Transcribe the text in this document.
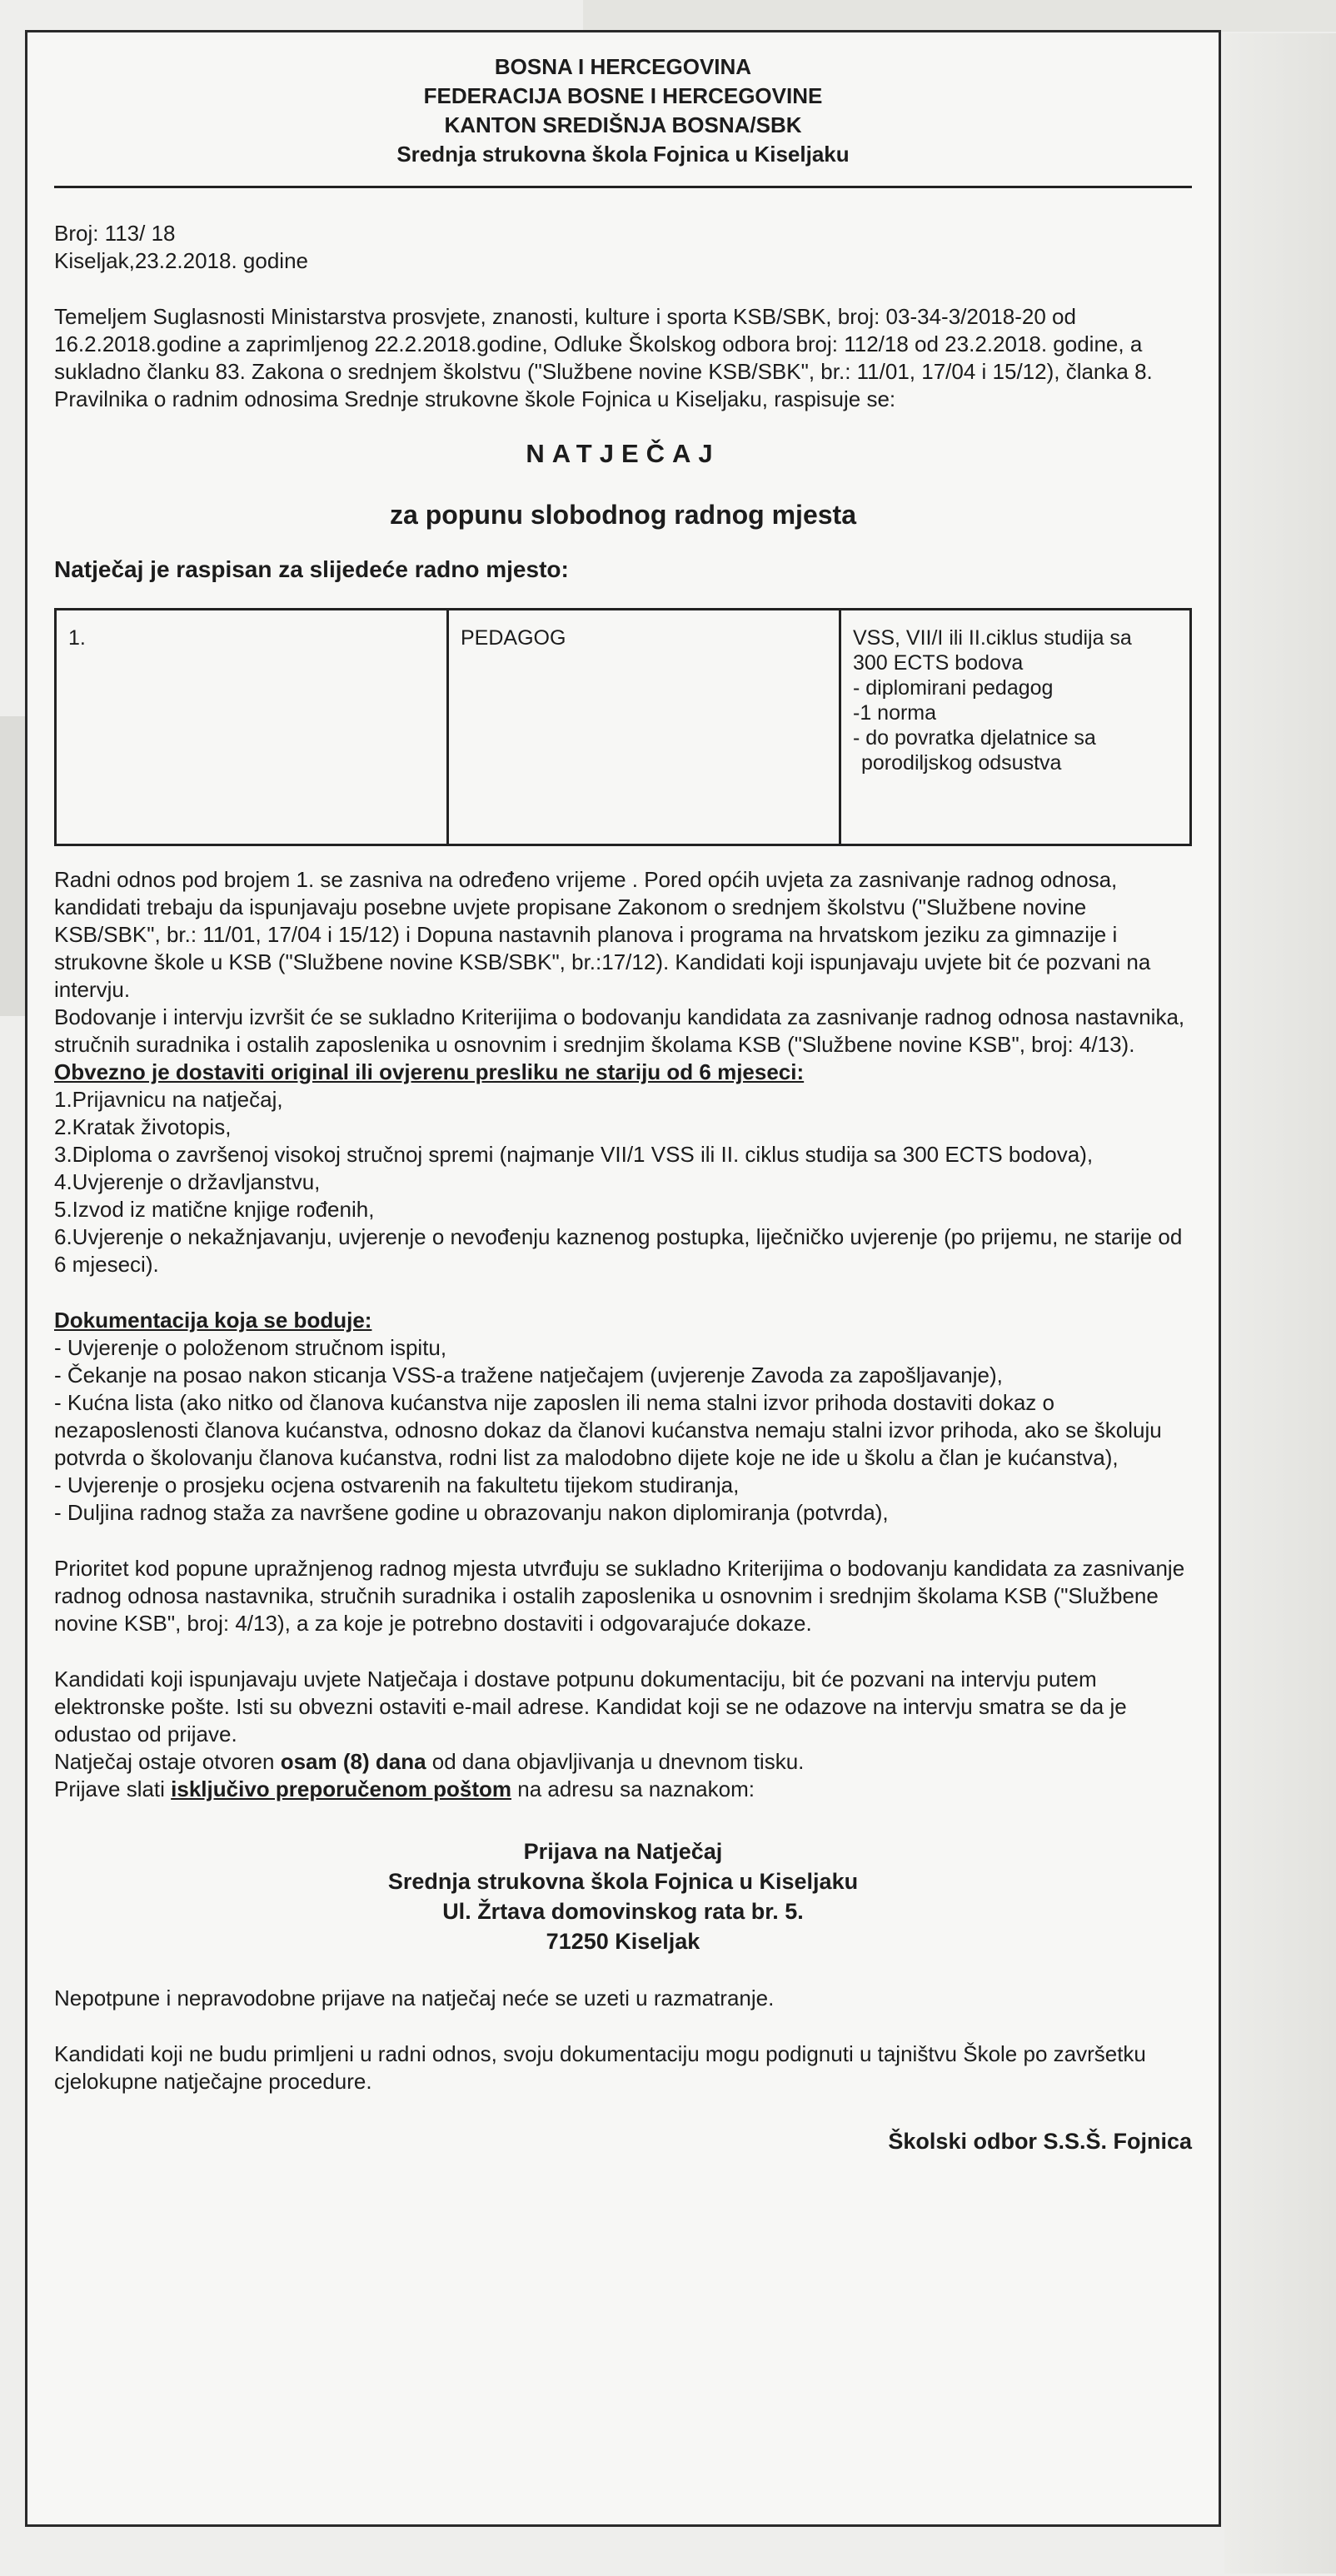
BOSNA I HERCEGOVINA
FEDERACIJA BOSNE I HERCEGOVINE
KANTON SREDIŠNJA BOSNA/SBK
Srednja strukovna škola Fojnica u Kiseljaku

Broj: 113/ 18

Kiseljak,23.2.2018. godine

Temeljem Suglasnosti Ministarstva prosvjete, znanosti, kulture i sporta KSB/SBK, broj: 03-34-3/2018-20 od 16.2.2018.godine a zaprimljenog 22.2.2018.godine, Odluke Školskog odbora broj: 112/18 od 23.2.2018. godine, a sukladno članku 83. Zakona o srednjem školstvu ("Službene novine KSB/SBK", br.: 11/01, 17/04 i 15/12), članka 8. Pravilnika o radnim odnosima Srednje strukovne škole Fojnica u Kiseljaku, raspisuje se:

NATJEČAJ
za popunu slobodnog radnog mjesta
Natječaj je raspisan za slijedeće radno mjesto:
1.	PEDAGOG	VSS, VII/I ili II.ciklus studija sa
300 ECTS bodova
- diplomirani pedagog
-1 norma
- do povratka djelatnice sa
porodiljskog odsustva

Radni odnos pod brojem 1. se zasniva na određeno vrijeme . Pored općih uvjeta za zasnivanje radnog odnosa, kandidati trebaju da ispunjavaju posebne uvjete propisane Zakonom o srednjem školstvu ("Službene novine KSB/SBK", br.: 11/01, 17/04 i 15/12) i Dopuna nastavnih planova i programa na hrvatskom jeziku za gimnazije i strukovne škole u KSB ("Službene novine KSB/SBK", br.:17/12). Kandidati koji ispunjavaju uvjete bit će pozvani na intervju.

Bodovanje i intervju izvršit će se sukladno Kriterijima o bodovanju kandidata za zasnivanje radnog odnosa nastavnika, stručnih suradnika i ostalih zaposlenika u osnovnim i srednjim školama KSB ("Službene novine KSB", broj: 4/13).

Obvezno je dostaviti original ili ovjerenu presliku ne stariju od 6 mjeseci:

1.Prijavnicu na natječaj,
2.Kratak životopis,
3.Diploma o završenoj visokoj stručnoj spremi (najmanje VII/1 VSS ili II. ciklus studija sa 300 ECTS bodova),
4.Uvjerenje o državljanstvu,
5.Izvod iz matične knjige rođenih,
6.Uvjerenje o nekažnjavanju, uvjerenje o nevođenju kaznenog postupka, liječničko uvjerenje (po prijemu, ne starije od 6 mjeseci).

Dokumentacija koja se boduje:

- Uvjerenje o položenom stručnom ispitu,
- Čekanje na posao nakon sticanja VSS-a tražene natječajem (uvjerenje Zavoda za zapošljavanje),
- Kućna lista (ako nitko od članova kućanstva nije zaposlen ili nema stalni izvor prihoda dostaviti dokaz o nezaposlenosti članova kućanstva, odnosno dokaz da članovi kućanstva nemaju stalni izvor prihoda, ako se školuju potvrda o školovanju članova kućanstva, rodni list za malodobno dijete koje ne ide u školu a član je kućanstva),
- Uvjerenje o prosjeku ocjena ostvarenih na fakultetu tijekom studiranja,
- Duljina radnog staža za navršene godine u obrazovanju nakon diplomiranja (potvrda),

Prioritet kod popune upražnjenog radnog mjesta utvrđuju se sukladno Kriterijima o bodovanju kandidata za zasnivanje radnog odnosa nastavnika, stručnih suradnika i ostalih zaposlenika u osnovnim i srednjim školama KSB ("Službene novine KSB", broj: 4/13), a za koje je potrebno dostaviti i odgovarajuće dokaze.

Kandidati koji ispunjavaju uvjete Natječaja i dostave potpunu dokumentaciju, bit će pozvani na intervju putem elektronske pošte. Isti su obvezni ostaviti e-mail adrese. Kandidat koji se ne odazove na intervju smatra se da je odustao od prijave.

Natječaj ostaje otvoren osam (8) dana od dana objavljivanja u dnevnom tisku.

Prijave slati isključivo preporučenom poštom na adresu sa naznakom:

Prijava na Natječaj
Srednja strukovna škola Fojnica u Kiseljaku
Ul. Žrtava domovinskog rata br. 5.
71250 Kiseljak

Nepotpune i nepravodobne prijave na natječaj neće se uzeti u razmatranje.

Kandidati koji ne budu primljeni u radni odnos, svoju dokumentaciju mogu podignuti u tajništvu Škole po završetku cjelokupne natječajne procedure.

Školski odbor S.S.Š. Fojnica
